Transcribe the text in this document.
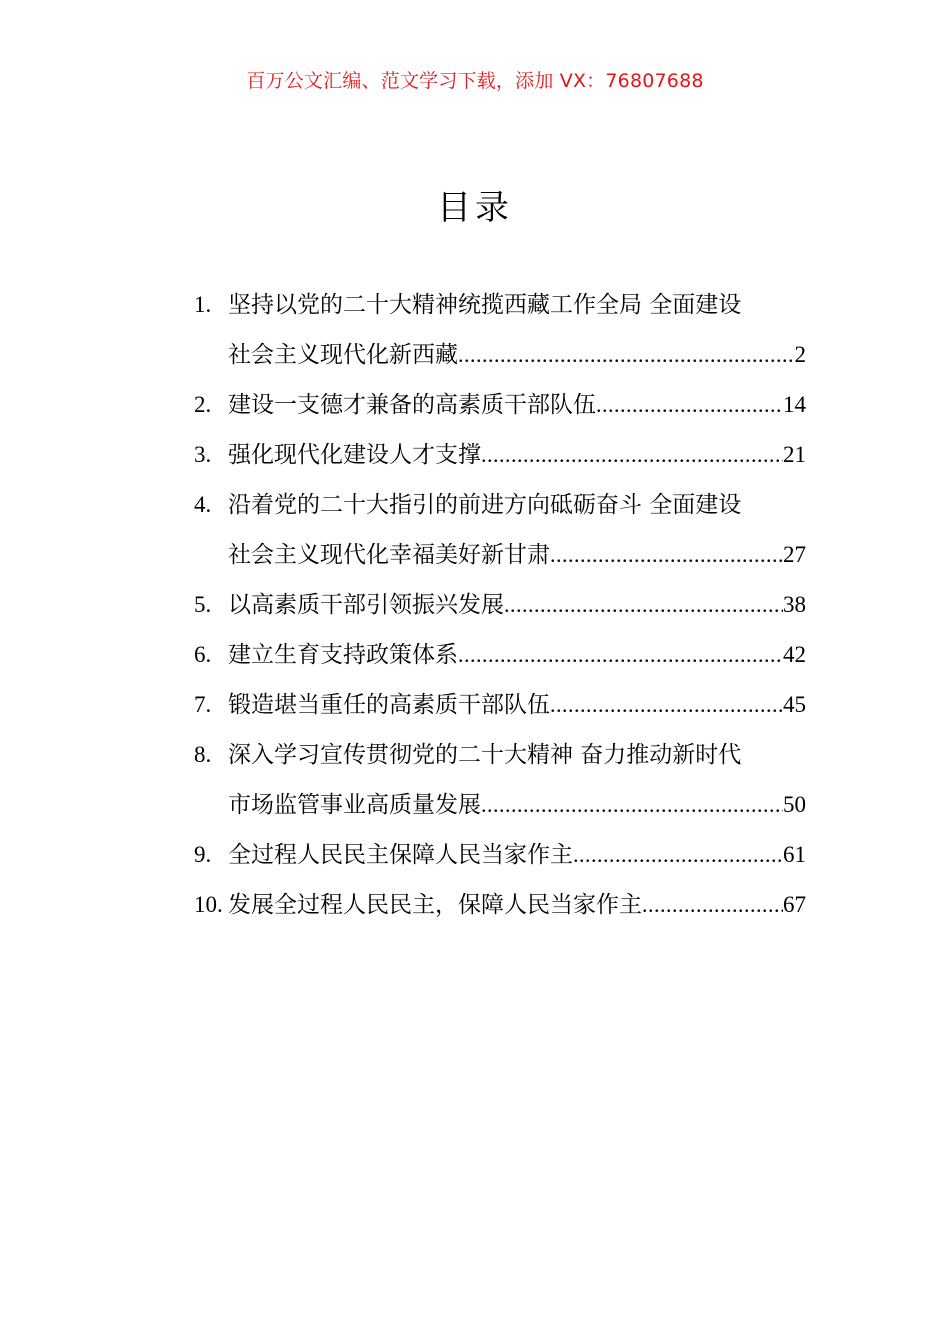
百万公文汇编、范文学习下载，添加 VX：76807688
目录
1. 坚持以党的二十大精神统揽西藏工作全局 全面建设
社会主义现代化新西藏 .....	2
2. 建设一支德才兼备的高素质干部队伍 .....	14
3. 强化现代化建设人才支撑 .....	21
4. 沿着党的二十大指引的前进方向砥砺奋斗 全面建设
社会主义现代化幸福美好新甘肃 .....	27
5. 以高素质干部引领振兴发展 .....	38
6. 建立生育支持政策体系 .....	42
7. 锻造堪当重任的高素质干部队伍 .....	45
8. 深入学习宣传贯彻党的二十大精神 奋力推动新时代
市场监管事业高质量发展 .....	50
9. 全过程人民民主保障人民当家作主 .....	61
10. 发展全过程人民民主，保障人民当家作主 .....	67
